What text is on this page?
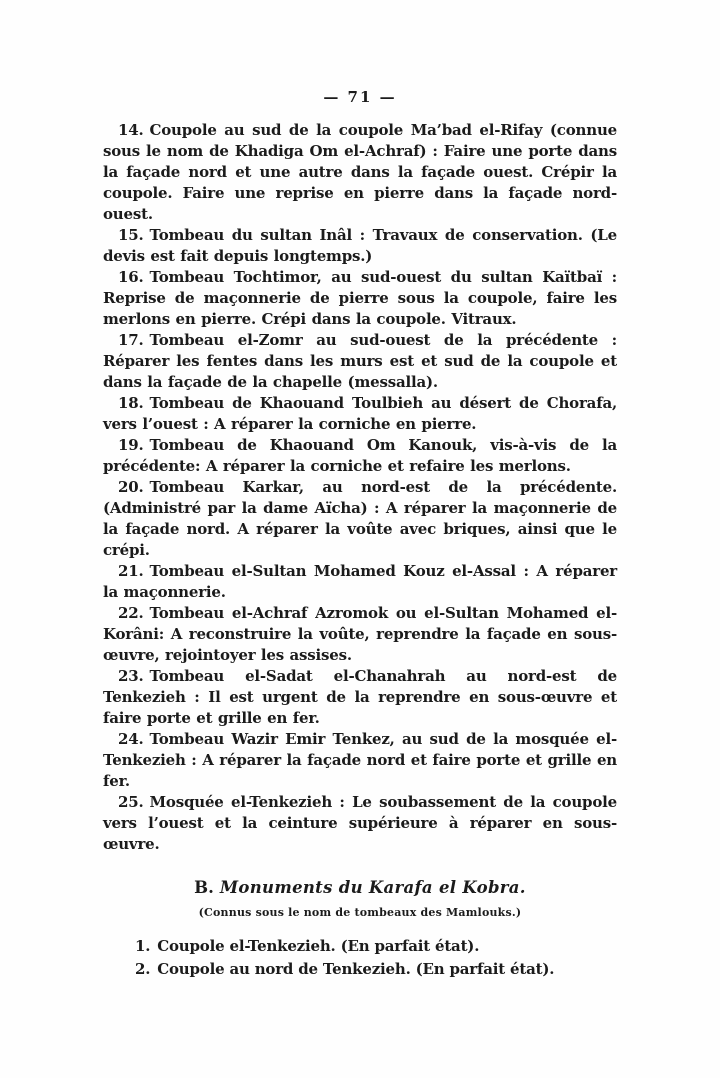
— 71 —

14. Coupole au sud de la coupole Ma’bad el-Rifay (connue sous le nom de Khadiga Om el-Achraf) : Faire une porte dans la façade nord et une autre dans la façade ouest. Crépir la coupole. Faire une reprise en pierre dans la façade nord-ouest.

15. Tombeau du sultan Inâl : Travaux de conservation. (Le devis est fait depuis longtemps.)

16. Tombeau Tochtimor, au sud-ouest du sultan Kaïtbaï : Reprise de maçonnerie de pierre sous la coupole, faire les merlons en pierre. Crépi dans la coupole. Vitraux.

17. Tombeau el-Zomr au sud-ouest de la précédente : Réparer les fentes dans les murs est et sud de la coupole et dans la façade de la chapelle (messalla).

18. Tombeau de Khaouand Toulbieh au désert de Chorafa, vers l’ouest : A réparer la corniche en pierre.

19. Tombeau de Khaouand Om Kanouk, vis-à-vis de la précédente: A réparer la corniche et refaire les merlons.

20. Tombeau Karkar, au nord-est de la précédente. (Administré par la dame Aïcha) : A réparer la maçonnerie de la façade nord. A réparer la voûte avec briques, ainsi que le crépi.

21. Tombeau el-Sultan Mohamed Kouz el-Assal : A réparer la maçonnerie.

22. Tombeau el-Achraf Azromok ou el-Sultan Mohamed el-Korâni: A reconstruire la voûte, reprendre la façade en sous-œuvre, rejointoyer les assises.

23. Tombeau el-Sadat el-Chanahrah au nord-est de Tenkezieh : Il est urgent de la reprendre en sous-œuvre et faire porte et grille en fer.

24. Tombeau Wazir Emir Tenkez, au sud de la mosquée el-Tenkezieh : A réparer la façade nord et faire porte et grille en fer.

25. Mosquée el-Tenkezieh : Le soubassement de la coupole vers l’ouest et la ceinture supérieure à réparer en sous-œuvre.

B. Monuments du Karafa el Kobra.

(Connus sous le nom de tombeaux des Mamlouks.)

1. Coupole el-Tenkezieh. (En parfait état).

2. Coupole au nord de Tenkezieh. (En parfait état).
